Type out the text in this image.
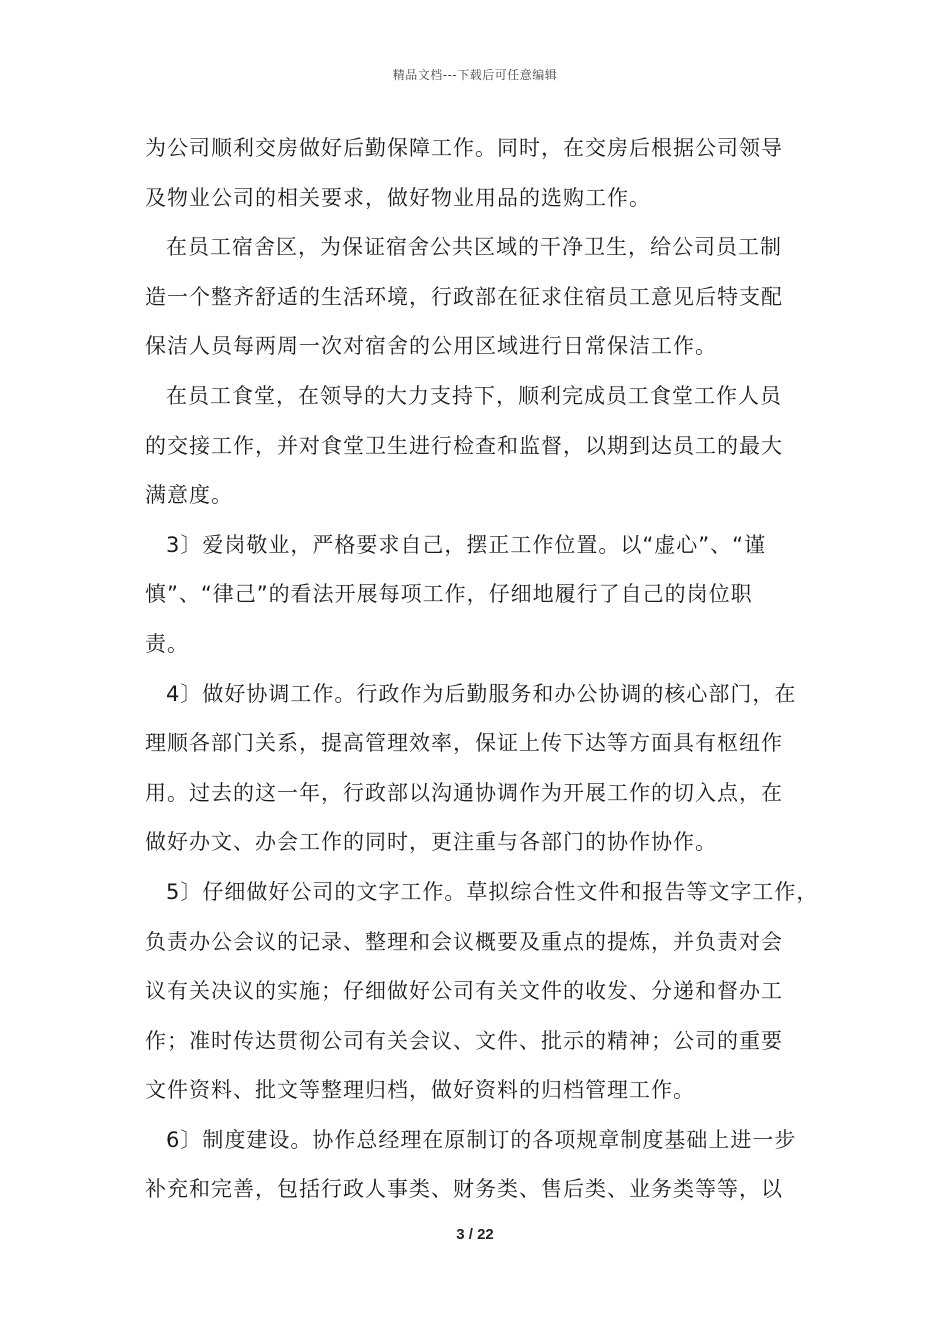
精品文档---下载后可任意编辑
为公司顺利交房做好后勤保障工作。同时，在交房后根据公司领导
及物业公司的相关要求，做好物业用品的选购工作。
在员工宿舍区，为保证宿舍公共区域的干净卫生，给公司员工制
造一个整齐舒适的生活环境，行政部在征求住宿员工意见后特支配
保洁人员每两周一次对宿舍的公用区域进行日常保洁工作。
在员工食堂，在领导的大力支持下，顺利完成员工食堂工作人员
的交接工作，并对食堂卫生进行检查和监督，以期到达员工的最大
满意度。
3〕爱岗敬业，严格要求自己，摆正工作位置。以“虚心”、“谨
慎”、“律己”的看法开展每项工作，仔细地履行了自己的岗位职
责。
4〕做好协调工作。行政作为后勤服务和办公协调的核心部门，在
理顺各部门关系，提高管理效率，保证上传下达等方面具有枢纽作
用。过去的这一年，行政部以沟通协调作为开展工作的切入点，在
做好办文、办会工作的同时，更注重与各部门的协作协作。
5〕仔细做好公司的文字工作。草拟综合性文件和报告等文字工作，
负责办公会议的记录、整理和会议概要及重点的提炼，并负责对会
议有关决议的实施；仔细做好公司有关文件的收发、分递和督办工
作；准时传达贯彻公司有关会议、文件、批示的精神；公司的重要
文件资料、批文等整理归档，做好资料的归档管理工作。
6〕制度建设。协作总经理在原制订的各项规章制度基础上进一步
补充和完善，包括行政人事类、财务类、售后类、业务类等等，以
3 / 22
